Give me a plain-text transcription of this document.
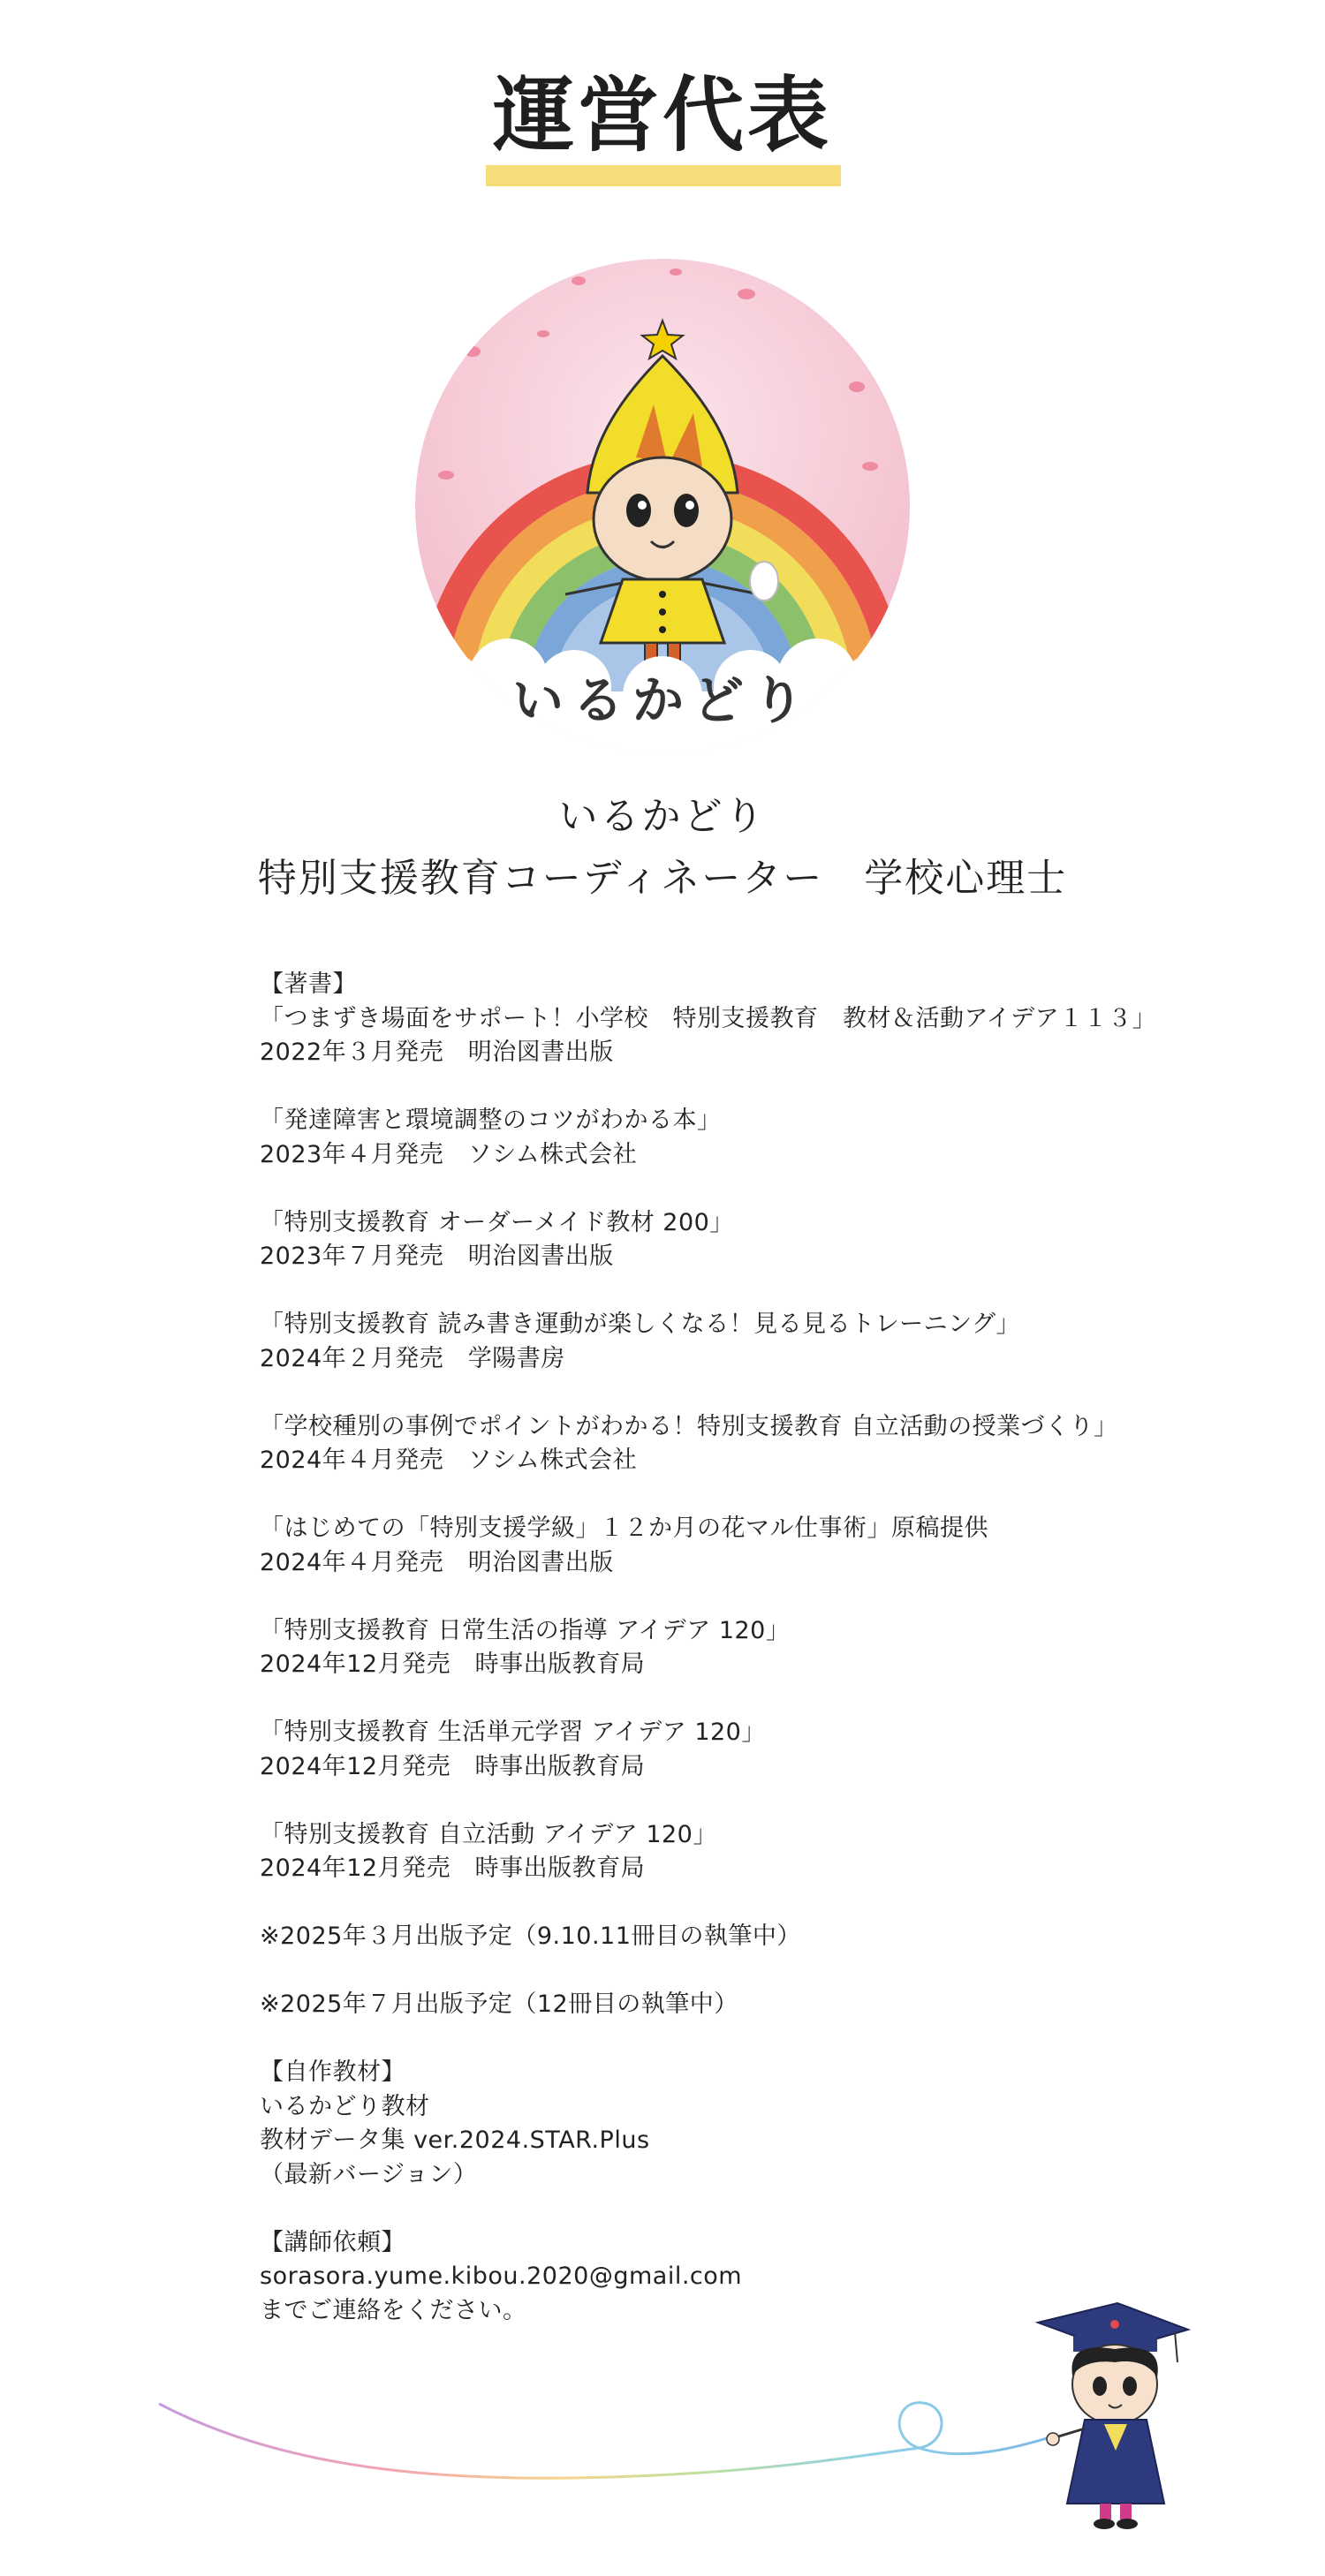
運営代表
いるかどり
いるかどり
特別支援教育コーディネーター　学校心理士

【著書】

「つまずき場面をサポート！小学校　特別支援教育　教材＆活動アイデア１１３」

2022年３月発売　明治図書出版

「発達障害と環境調整のコツがわかる本」

2023年４月発売　ソシム株式会社

「特別支援教育 オーダーメイド教材 200」

2023年７月発売　明治図書出版

「特別支援教育 読み書き運動が楽しくなる！見る見るトレーニング」

2024年２月発売　学陽書房

「学校種別の事例でポイントがわかる！特別支援教育 自立活動の授業づくり」

2024年４月発売　ソシム株式会社

「はじめての「特別支援学級」１２か月の花マル仕事術」原稿提供

2024年４月発売　明治図書出版

「特別支援教育 日常生活の指導 アイデア 120」

2024年12月発売　時事出版教育局

「特別支援教育 生活単元学習 アイデア 120」

2024年12月発売　時事出版教育局

「特別支援教育 自立活動 アイデア 120」

2024年12月発売　時事出版教育局

※2025年３月出版予定（9.10.11冊目の執筆中）

※2025年７月出版予定（12冊目の執筆中）

【自作教材】

いるかどり教材

教材データ集 ver.2024.STAR.Plus

（最新バージョン）

【講師依頼】

sorasora.yume.kibou.2020@gmail.com

までご連絡をください。
